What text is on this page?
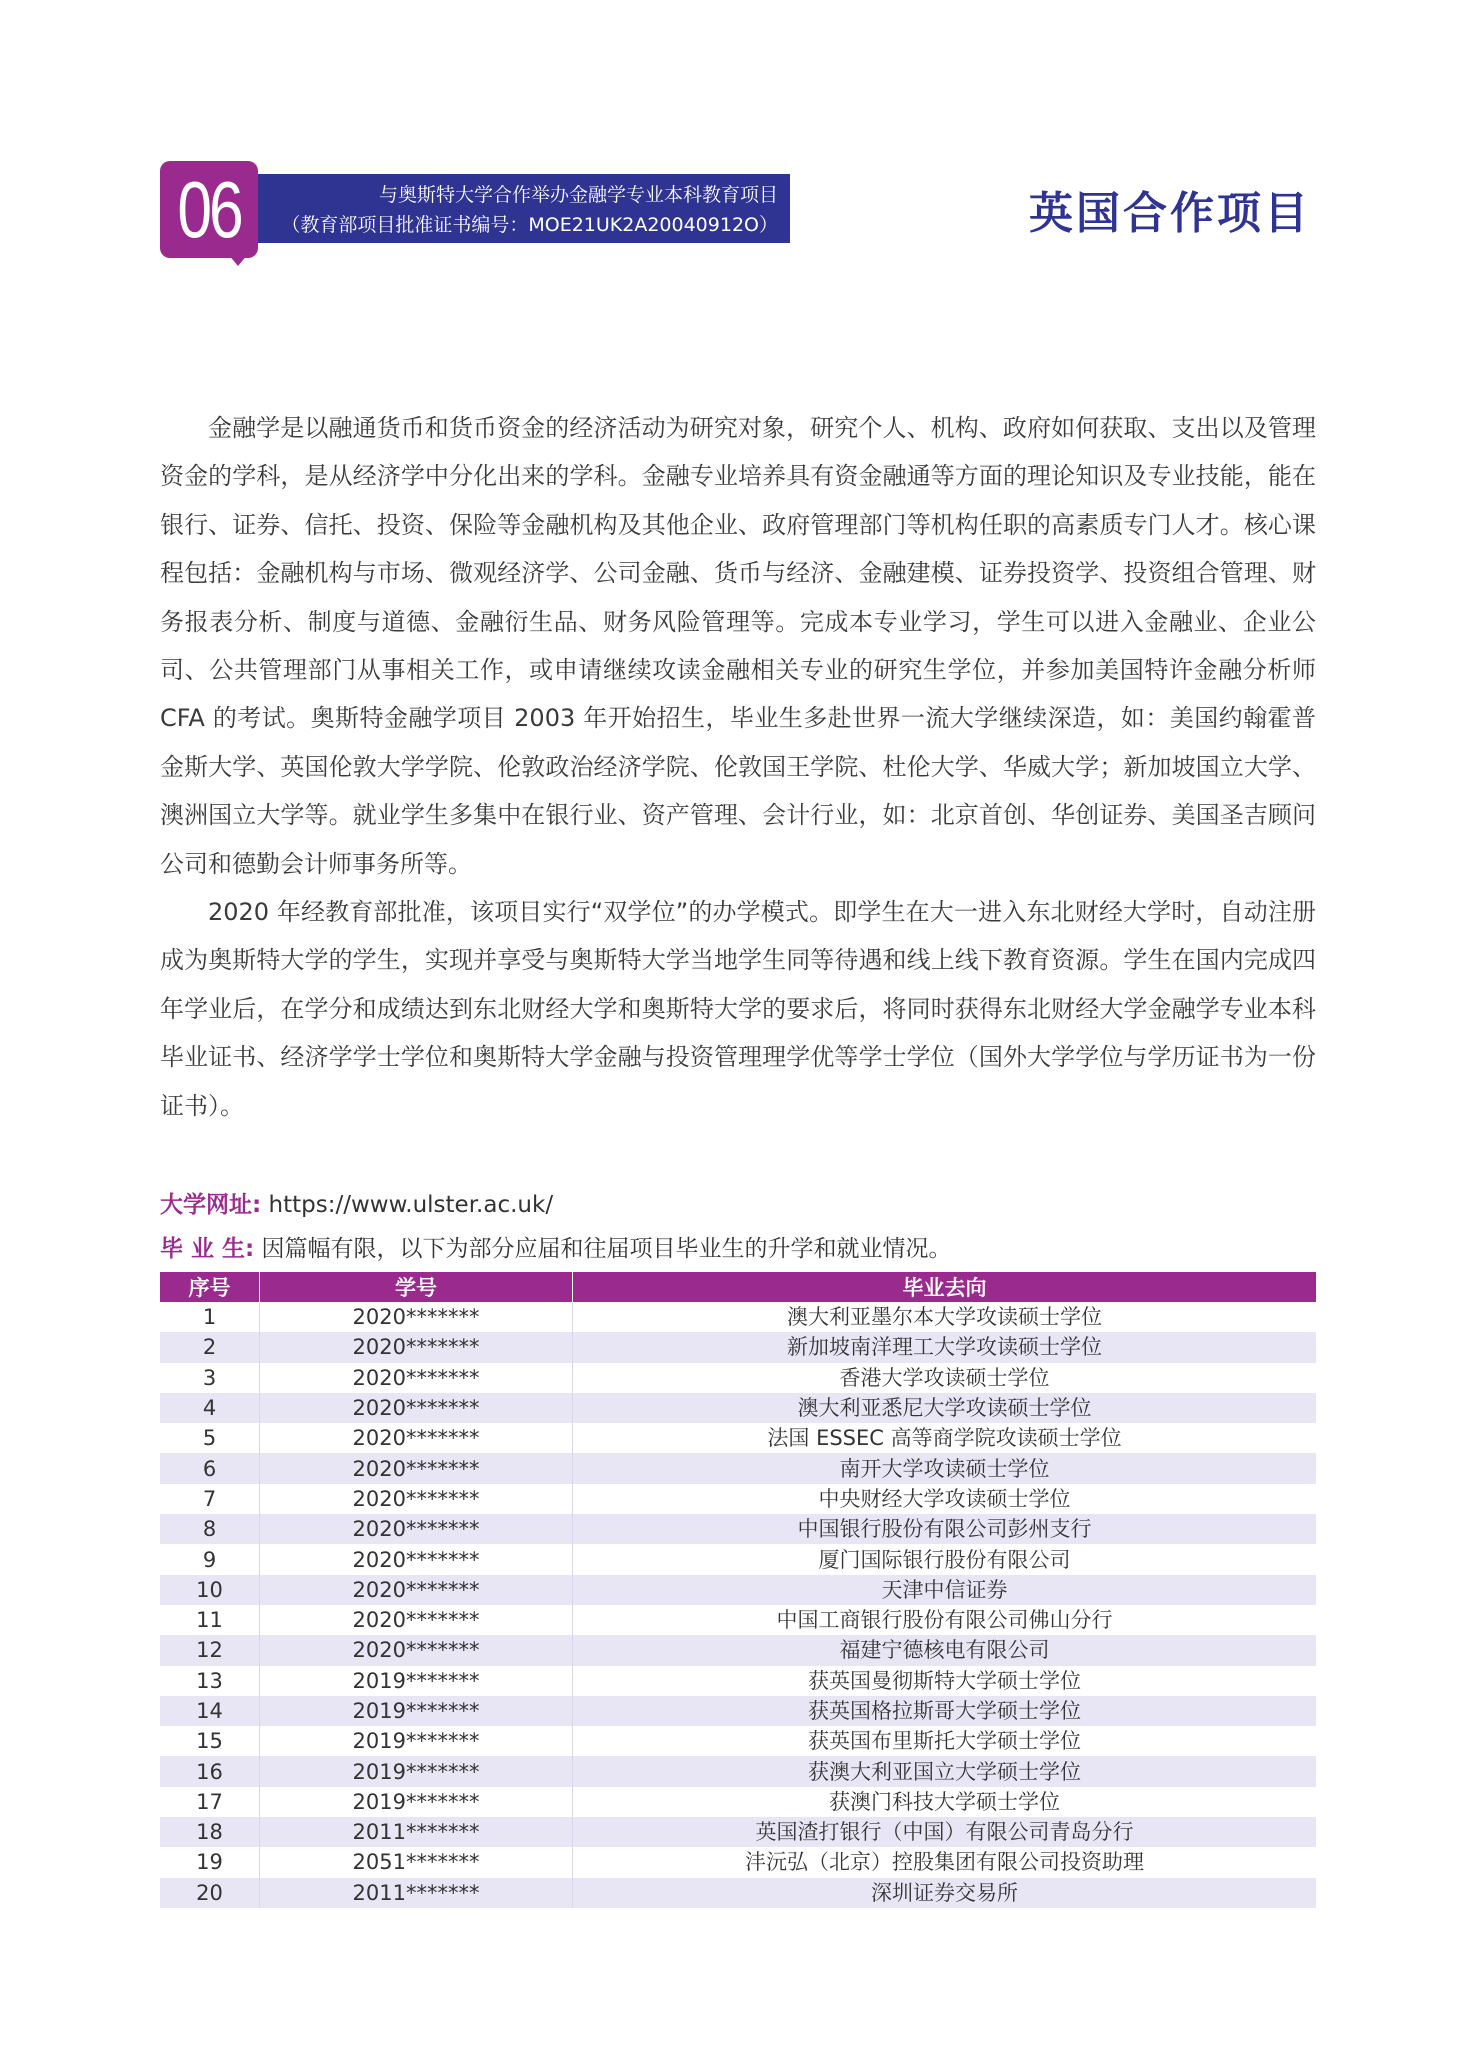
06	与奥斯特大学合作举办金融学专业本科教育项目
（教育部项目批准证书编号：MOE21UK2A20040912O）	英国合作项目

金融学是以融通货币和货币资金的经济活动为研究对象，研究个人、机构、政府如何获取、支出以及管理资金的学科，是从经济学中分化出来的学科。金融专业培养具有资金融通等方面的理论知识及专业技能，能在银行、证券、信托、投资、保险等金融机构及其他企业、政府管理部门等机构任职的高素质专门人才。核心课程包括：金融机构与市场、微观经济学、公司金融、货币与经济、金融建模、证券投资学、投资组合管理、财务报表分析、制度与道德、金融衍生品、财务风险管理等。完成本专业学习，学生可以进入金融业、企业公司、公共管理部门从事相关工作，或申请继续攻读金融相关专业的研究生学位，并参加美国特许金融分析师 CFA 的考试。奥斯特金融学项目 2003 年开始招生，毕业生多赴世界一流大学继续深造，如：美国约翰霍普金斯大学、英国伦敦大学学院、伦敦政治经济学院、伦敦国王学院、杜伦大学、华威大学；新加坡国立大学、澳洲国立大学等。就业学生多集中在银行业、资产管理、会计行业，如：北京首创、华创证券、美国圣吉顾问公司和德勤会计师事务所等。

2020 年经教育部批准，该项目实行“双学位”的办学模式。即学生在大一进入东北财经大学时，自动注册成为奥斯特大学的学生，实现并享受与奥斯特大学当地学生同等待遇和线上线下教育资源。学生在国内完成四年学业后，在学分和成绩达到东北财经大学和奥斯特大学的要求后，将同时获得东北财经大学金融学专业本科毕业证书、经济学学士学位和奥斯特大学金融与投资管理理学优等学士学位（国外大学学位与学历证书为一份证书）。

大学网址: https://www.ulster.ac.uk/
毕 业 生: 因篇幅有限，以下为部分应届和往届项目毕业生的升学和就业情况。
序号	学号	毕业去向
1	2020*******	澳大利亚墨尔本大学攻读硕士学位
2	2020*******	新加坡南洋理工大学攻读硕士学位
3	2020*******	香港大学攻读硕士学位
4	2020*******	澳大利亚悉尼大学攻读硕士学位
5	2020*******	法国 ESSEC 高等商学院攻读硕士学位
6	2020*******	南开大学攻读硕士学位
7	2020*******	中央财经大学攻读硕士学位
8	2020*******	中国银行股份有限公司彭州支行
9	2020*******	厦门国际银行股份有限公司
10	2020*******	天津中信证券
11	2020*******	中国工商银行股份有限公司佛山分行
12	2020*******	福建宁德核电有限公司
13	2019*******	获英国曼彻斯特大学硕士学位
14	2019*******	获英国格拉斯哥大学硕士学位
15	2019*******	获英国布里斯托大学硕士学位
16	2019*******	获澳大利亚国立大学硕士学位
17	2019*******	获澳门科技大学硕士学位
18	2011*******	英国渣打银行（中国）有限公司青岛分行
19	2051*******	沣沅弘（北京）控股集团有限公司投资助理
20	2011*******	深圳证券交易所
